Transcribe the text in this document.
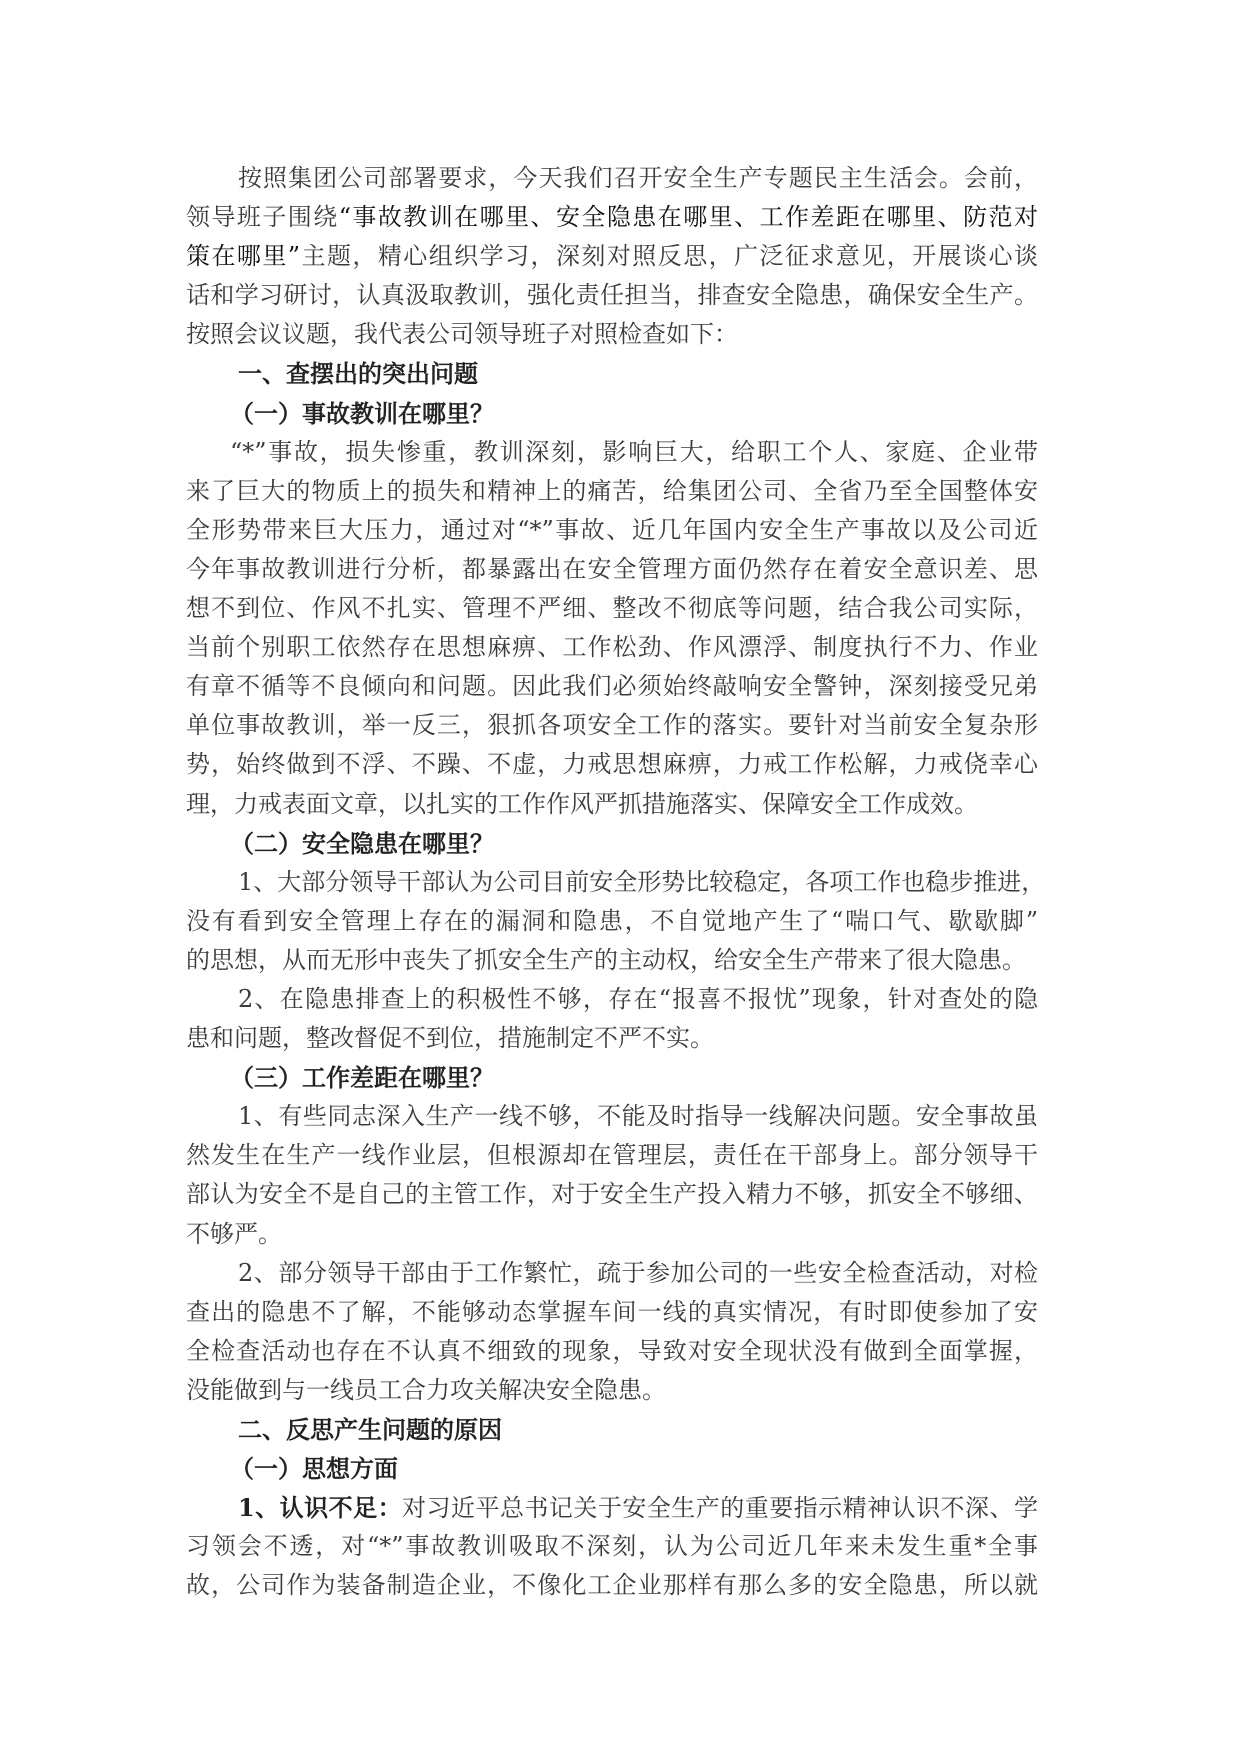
按照集团公司部署要求，今天我们召开安全生产专题民主生活会。会前，
领导班子围绕“事故教训在哪里、安全隐患在哪里、工作差距在哪里、防范对
策在哪里”主题，精心组织学习，深刻对照反思，广泛征求意见，开展谈心谈
话和学习研讨，认真汲取教训，强化责任担当，排查安全隐患，确保安全生产。
按照会议议题，我代表公司领导班子对照检查如下：
一、查摆出的突出问题
（一）事故教训在哪里？
“*”事故，损失惨重，教训深刻，影响巨大，给职工个人、家庭、企业带
来了巨大的物质上的损失和精神上的痛苦，给集团公司、全省乃至全国整体安
全形势带来巨大压力，通过对“*”事故、近几年国内安全生产事故以及公司近
今年事故教训进行分析，都暴露出在安全管理方面仍然存在着安全意识差、思
想不到位、作风不扎实、管理不严细、整改不彻底等问题，结合我公司实际，
当前个别职工依然存在思想麻痹、工作松劲、作风漂浮、制度执行不力、作业
有章不循等不良倾向和问题。因此我们必须始终敲响安全警钟，深刻接受兄弟
单位事故教训，举一反三，狠抓各项安全工作的落实。要针对当前安全复杂形
势，始终做到不浮、不躁、不虚，力戒思想麻痹，力戒工作松解，力戒侥幸心
理，力戒表面文章，以扎实的工作作风严抓措施落实、保障安全工作成效。
（二）安全隐患在哪里？
1、大部分领导干部认为公司目前安全形势比较稳定，各项工作也稳步推进，
没有看到安全管理上存在的漏洞和隐患，不自觉地产生了“喘口气、歇歇脚”
的思想，从而无形中丧失了抓安全生产的主动权，给安全生产带来了很大隐患。
2、在隐患排查上的积极性不够，存在“报喜不报忧”现象，针对查处的隐
患和问题，整改督促不到位，措施制定不严不实。
（三）工作差距在哪里？
1、有些同志深入生产一线不够，不能及时指导一线解决问题。安全事故虽
然发生在生产一线作业层，但根源却在管理层，责任在干部身上。部分领导干
部认为安全不是自己的主管工作，对于安全生产投入精力不够，抓安全不够细、
不够严。
2、部分领导干部由于工作繁忙，疏于参加公司的一些安全检查活动，对检
查出的隐患不了解，不能够动态掌握车间一线的真实情况，有时即使参加了安
全检查活动也存在不认真不细致的现象，导致对安全现状没有做到全面掌握，
没能做到与一线员工合力攻关解决安全隐患。
二、反思产生问题的原因
（一）思想方面
1、认识不足：对习近平总书记关于安全生产的重要指示精神认识不深、学
习领会不透，对“*”事故教训吸取不深刻，认为公司近几年来未发生重*全事
故，公司作为装备制造企业，不像化工企业那样有那么多的安全隐患，所以就
